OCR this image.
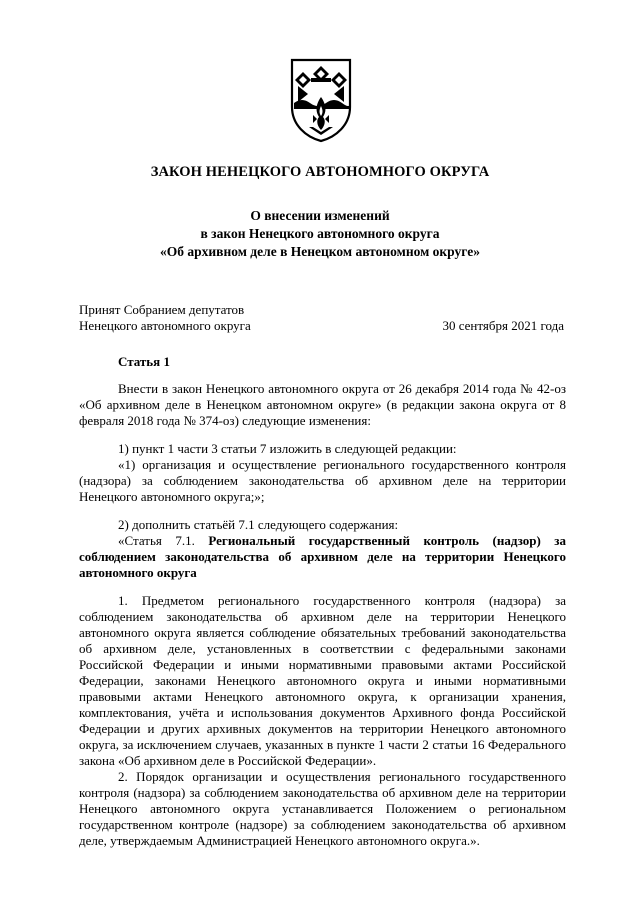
ЗАКОН НЕНЕЦКОГО АВТОНОМНОГО ОКРУГА
О внесении изменений
в закон Ненецкого автономного округа
«Об архивном деле в Ненецком автономном округе»
Принят Собранием депутатов
Ненецкого автономного округа	30 сентября 2021 года
Статья 1

Внести в закон Ненецкого автономного округа от 26 декабря 2014 года № 42-оз «Об архивном деле в Ненецком автономном округе» (в редакции закона округа от 8 февраля 2018 года № 374-оз) следующие изменения:

1) пункт 1 части 3 статьи 7 изложить в следующей редакции:

«1) организация и осуществление регионального государственного контроля (надзора) за соблюдением законодательства об архивном деле на территории Ненецкого автономного округа;»;

2) дополнить статьёй 7.1 следующего содержания:

«Статья 7.1. Региональный государственный контроль (надзор) за соблюдением законодательства об архивном деле на территории Ненецкого автономного округа

1. Предметом регионального государственного контроля (надзора) за соблюдением законодательства об архивном деле на территории Ненецкого автономного округа является соблюдение обязательных требований законодательства об архивном деле, установленных в соответствии с федеральными законами Российской Федерации и иными нормативными правовыми актами Российской Федерации, законами Ненецкого автономного округа и иными нормативными правовыми актами Ненецкого автономного округа, к организации хранения, комплектования, учёта и использования документов Архивного фонда Российской Федерации и других архивных документов на территории Ненецкого автономного округа, за исключением случаев, указанных в пункте 1 части 2 статьи 16 Федерального закона «Об архивном деле в Российской Федерации».

2. Порядок организации и осуществления регионального государственного контроля (надзора) за соблюдением законодательства об архивном деле на территории Ненецкого автономного округа устанавливается Положением о региональном государственном контроле (надзоре) за соблюдением законодательства об архивном деле, утверждаемым Администрацией Ненецкого автономного округа.».
